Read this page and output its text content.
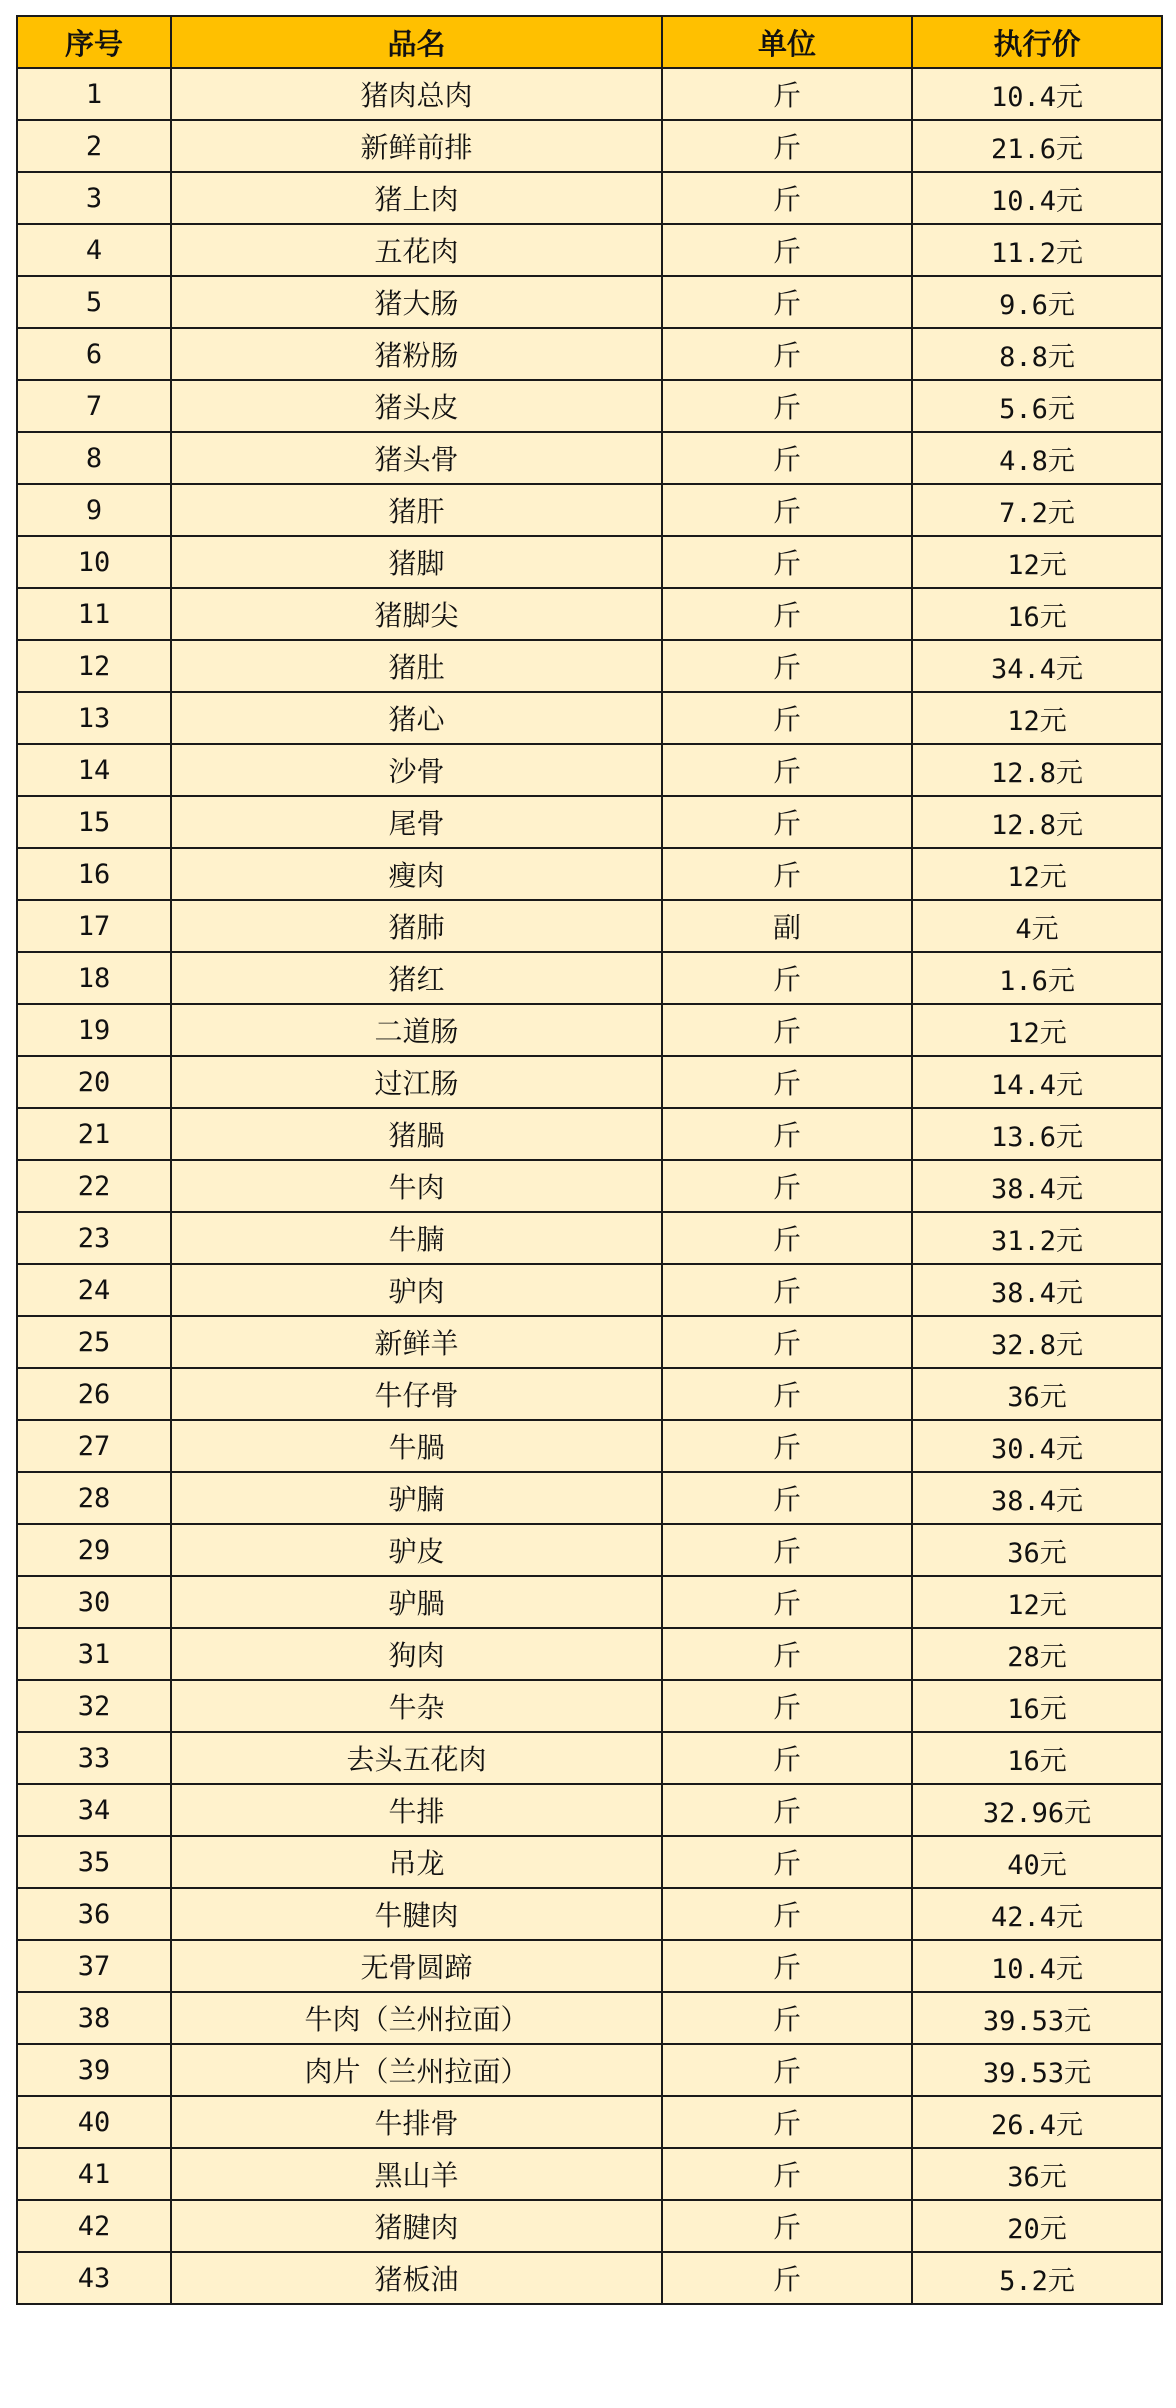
序号	品名	单位	执行价
1	猪肉总肉	斤	10.4元
2	新鲜前排	斤	21.6元
3	猪上肉	斤	10.4元
4	五花肉	斤	11.2元
5	猪大肠	斤	9.6元
6	猪粉肠	斤	8.8元
7	猪头皮	斤	5.6元
8	猪头骨	斤	4.8元
9	猪肝	斤	7.2元
10	猪脚	斤	12元
11	猪脚尖	斤	16元
12	猪肚	斤	34.4元
13	猪心	斤	12元
14	沙骨	斤	12.8元
15	尾骨	斤	12.8元
16	瘦肉	斤	12元
17	猪肺	副	4元
18	猪红	斤	1.6元
19	二道肠	斤	12元
20	过江肠	斤	14.4元
21	猪腡	斤	13.6元
22	牛肉	斤	38.4元
23	牛腩	斤	31.2元
24	驴肉	斤	38.4元
25	新鲜羊	斤	32.8元
26	牛仔骨	斤	36元
27	牛腡	斤	30.4元
28	驴腩	斤	38.4元
29	驴皮	斤	36元
30	驴腡	斤	12元
31	狗肉	斤	28元
32	牛杂	斤	16元
33	去头五花肉	斤	16元
34	牛排	斤	32.96元
35	吊龙	斤	40元
36	牛腱肉	斤	42.4元
37	无骨圆蹄	斤	10.4元
38	牛肉（兰州拉面）	斤	39.53元
39	肉片（兰州拉面）	斤	39.53元
40	牛排骨	斤	26.4元
41	黑山羊	斤	36元
42	猪腱肉	斤	20元
43	猪板油	斤	5.2元
